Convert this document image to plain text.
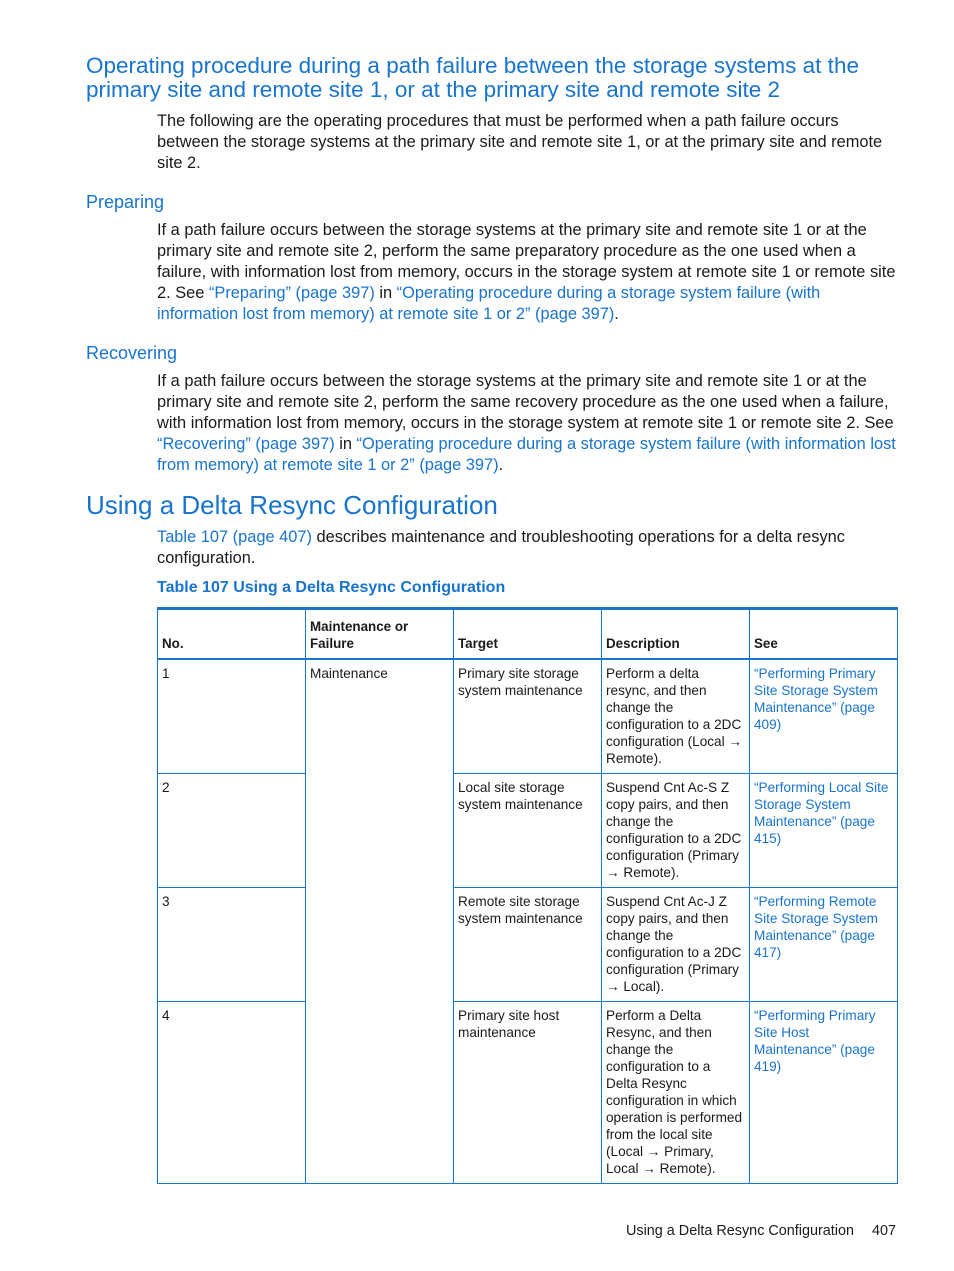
Operating procedure during a path failure between the storage systems at the primary site and remote site 1, or at the primary site and remote site 2

The following are the operating procedures that must be performed when a path failure occurs between the storage systems at the primary site and remote site 1, or at the primary site and remote site 2.

Preparing

If a path failure occurs between the storage systems at the primary site and remote site 1 or at the primary site and remote site 2, perform the same preparatory procedure as the one used when a failure, with information lost from memory, occurs in the storage system at remote site 1 or remote site 2. See “Preparing” (page 397) in “Operating procedure during a storage system failure (with information lost from memory) at remote site 1 or 2” (page 397).

Recovering

If a path failure occurs between the storage systems at the primary site and remote site 1 or at the primary site and remote site 2, perform the same recovery procedure as the one used when a failure, with information lost from memory, occurs in the storage system at remote site 1 or remote site 2. See “Recovering” (page 397) in “Operating procedure during a storage system failure (with information lost from memory) at remote site 1 or 2” (page 397).

Using a Delta Resync Configuration

Table 107 (page 407) describes maintenance and troubleshooting operations for a delta resync configuration.

Table 107 Using a Delta Resync Configuration

No.	Maintenance or Failure	Target	Description	See
1	Maintenance	Primary site storage system maintenance	Perform a delta resync, and then change the configuration to a 2DC configuration (Local → Remote).	“Performing Primary Site Storage System Maintenance” (page 409)
2		Local site storage system maintenance	Suspend Cnt Ac-S Z copy pairs, and then change the configuration to a 2DC configuration (Primary → Remote).	“Performing Local Site Storage System Maintenance” (page 415)
3		Remote site storage system maintenance	Suspend Cnt Ac-J Z copy pairs, and then change the configuration to a 2DC configuration (Primary → Local).	“Performing Remote Site Storage System Maintenance” (page 417)
4		Primary site host maintenance	Perform a Delta Resync, and then change the configuration to a Delta Resync configuration in which operation is performed from the local site (Local → Primary, Local → Remote).	“Performing Primary Site Host Maintenance” (page 419)
Using a Delta Resync Configuration 407
